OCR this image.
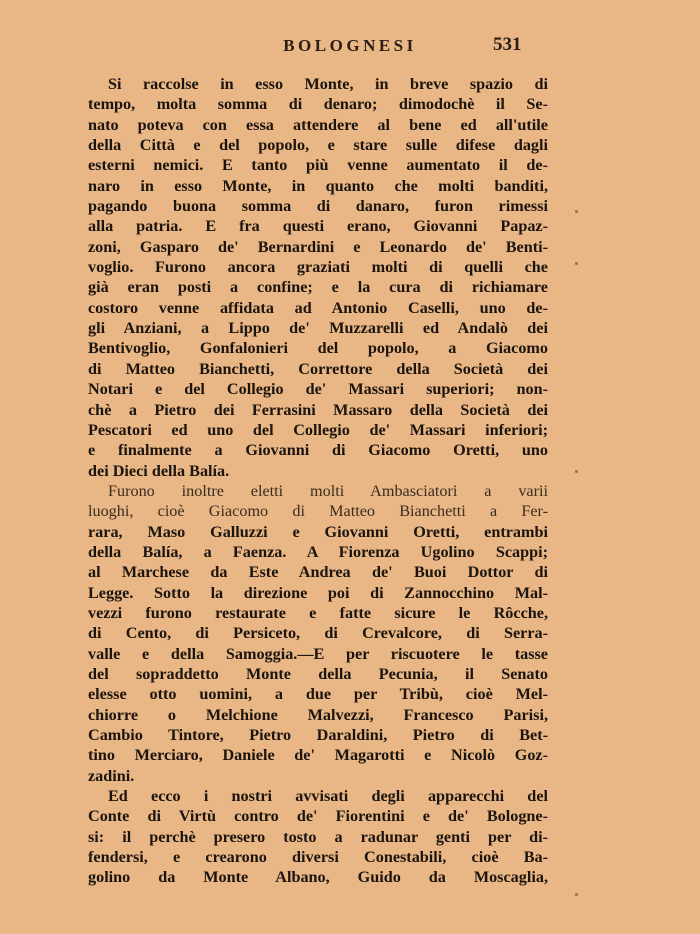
BOLOGNESI	531
Si raccolse in esso Monte, in breve spazio di
tempo, molta somma di denaro; dimodochè il Se-
nato poteva con essa attendere al bene ed all'utile
della Città e del popolo, e stare sulle difese dagli
esterni nemici. E tanto più venne aumentato il de-
naro in esso Monte, in quanto che molti banditi,
pagando buona somma di danaro, furon rimessi
alla patria. E fra questi erano, Giovanni Papaz-
zoni, Gasparo de' Bernardini e Leonardo de' Benti-
voglio. Furono ancora graziati molti di quelli che
già eran posti a confine; e la cura di richiamare
costoro venne affidata ad Antonio Caselli, uno de-
gli Anziani, a Lippo de' Muzzarelli ed Andalò dei
Bentivoglio, Gonfalonieri del popolo, a Giacomo
di Matteo Bianchetti, Correttore della Società dei
Notari e del Collegio de' Massari superiori; non-
chè a Pietro dei Ferrasini Massaro della Società dei
Pescatori ed uno del Collegio de' Massari inferiori;
e finalmente a Giovanni di Giacomo Oretti, uno
dei Dieci della Balía.
Furono inoltre eletti molti Ambasciatori a varii
luoghi, cioè Giacomo di Matteo Bianchetti a Fer-
rara, Maso Galluzzi e Giovanni Oretti, entrambi
della Balía, a Faenza. A Fiorenza Ugolino Scappi;
al Marchese da Este Andrea de' Buoi Dottor di
Legge. Sotto la direzione poi di Zannocchino Mal-
vezzi furono restaurate e fatte sicure le Rôcche,
di Cento, di Persiceto, di Crevalcore, di Serra-
valle e della Samoggia.—E per riscuotere le tasse
del sopraddetto Monte della Pecunia, il Senato
elesse otto uomini, a due per Tribù, cioè Mel-
chiorre o Melchione Malvezzi, Francesco Parisi,
Cambio Tintore, Pietro Daraldini, Pietro di Bet-
tino Merciaro, Daniele de' Magarotti e Nicolò Goz-
zadini.
Ed ecco i nostri avvisati degli apparecchi del
Conte di Virtù contro de' Fiorentini e de' Bologne-
si: il perchè presero tosto a radunar genti per di-
fendersi, e crearono diversi Conestabili, cioè Ba-
golino da Monte Albano, Guido da Moscaglia,
